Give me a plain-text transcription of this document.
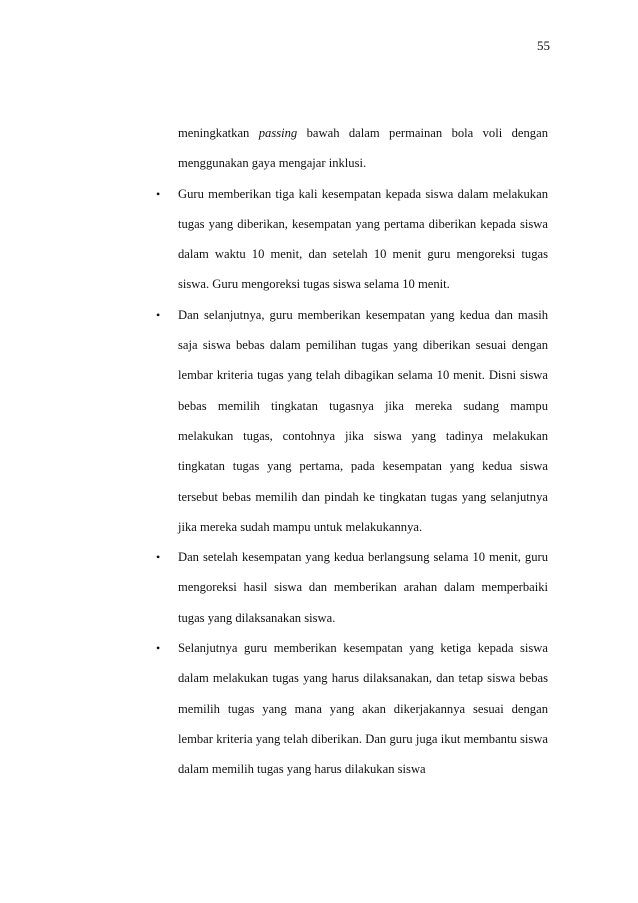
55

meningkatkan passing bawah dalam permainan bola voli dengan menggunakan gaya mengajar inklusi.

• Guru memberikan tiga kali kesempatan kepada siswa dalam melakukan tugas yang diberikan, kesempatan yang pertama diberikan kepada siswa dalam waktu 10 menit, dan setelah 10 menit guru mengoreksi tugas siswa. Guru mengoreksi tugas siswa selama 10 menit.
• Dan selanjutnya, guru memberikan kesempatan yang kedua dan masih saja siswa bebas dalam pemilihan tugas yang diberikan sesuai dengan lembar kriteria tugas yang telah dibagikan selama 10 menit. Disni siswa bebas memilih tingkatan tugasnya jika mereka sudang mampu melakukan tugas, contohnya jika siswa yang tadinya melakukan tingkatan tugas yang pertama, pada kesempatan yang kedua siswa tersebut bebas memilih dan pindah ke tingkatan tugas yang selanjutnya jika mereka sudah mampu untuk melakukannya.
• Dan setelah kesempatan yang kedua berlangsung selama 10 menit, guru mengoreksi hasil siswa dan memberikan arahan dalam memperbaiki tugas yang dilaksanakan siswa.
• Selanjutnya guru memberikan kesempatan yang ketiga kepada siswa dalam melakukan tugas yang harus dilaksanakan, dan tetap siswa bebas memilih tugas yang mana yang akan dikerjakannya sesuai dengan lembar kriteria yang telah diberikan. Dan guru juga ikut membantu siswa dalam memilih tugas yang harus dilakukan siswa
